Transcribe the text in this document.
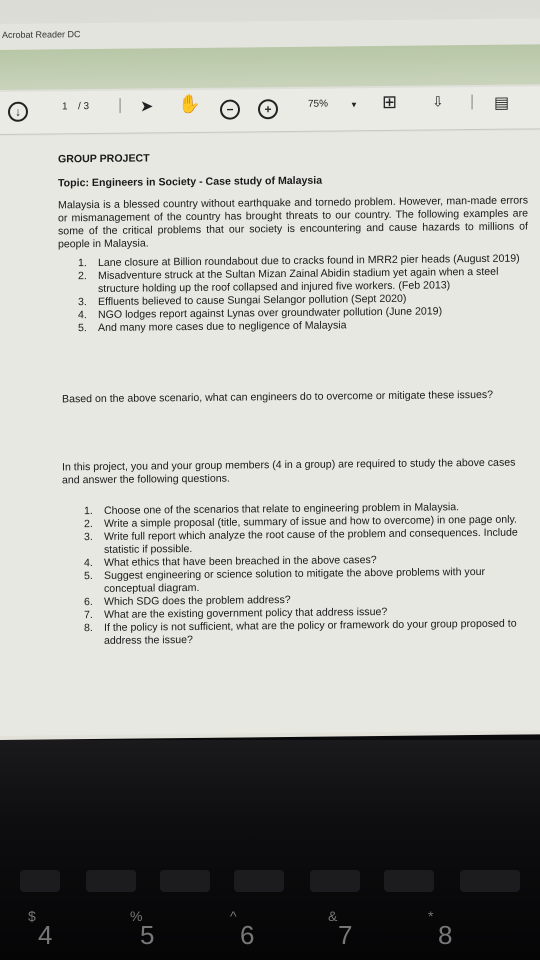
Acrobat Reader DC
↓	1 / 3 | ➤ ✋	−	+	75%	▼ ⊞ ⇩ | ▤

GROUP PROJECT

Topic: Engineers in Society - Case study of Malaysia

Malaysia is a blessed country without earthquake and tornedo problem. However, man-made errors or mismanagement of the country has brought threats to our country. The following examples are some of the critical problems that our society is encountering and cause hazards to millions of people in Malaysia.

1. Lane closure at Billion roundabout due to cracks found in MRR2 pier heads (August 2019)
2. Misadventure struck at the Sultan Mizan Zainal Abidin stadium yet again when a steel structure holding up the roof collapsed and injured five workers. (Feb 2013)
3. Effluents believed to cause Sungai Selangor pollution (Sept 2020)
4. NGO lodges report against Lynas over groundwater pollution (June 2019)
5. And many more cases due to negligence of Malaysia

Based on the above scenario, what can engineers do to overcome or mitigate these issues?

In this project, you and your group members (4 in a group) are required to study the above cases and answer the following questions.

1. Choose one of the scenarios that relate to engineering problem in Malaysia.
2. Write a simple proposal (title, summary of issue and how to overcome) in one page only.
3. Write full report which analyze the root cause of the problem and consequences. Include statistic if possible.
4. What ethics that have been breached in the above cases?
5. Suggest engineering or science solution to mitigate the above problems with your conceptual diagram.
6. Which SDG does the problem address?
7. What are the existing government policy that address issue?
8. If the policy is not sufficient, what are the policy or framework do your group proposed to address the issue?
4
$
5
%
6
^
7
&
8
*
